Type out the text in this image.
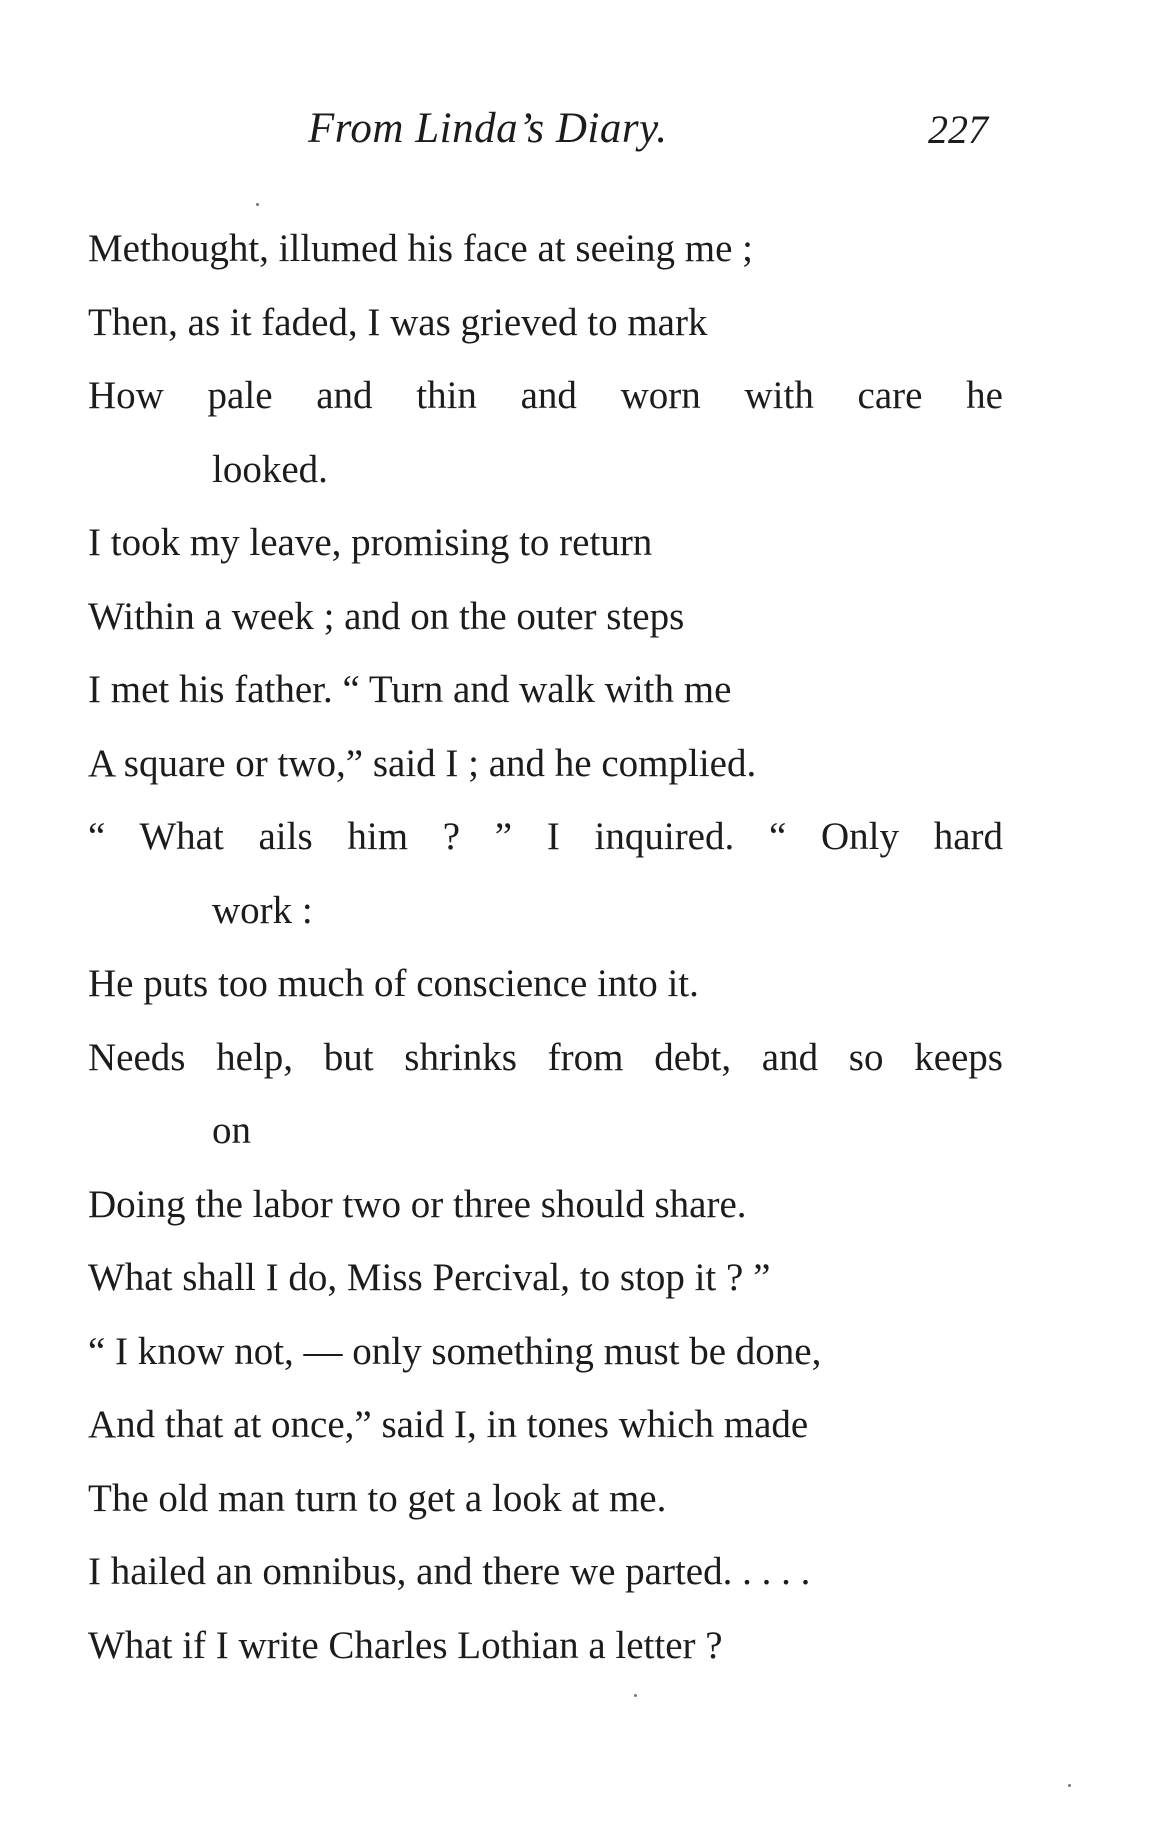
From Linda’s Diary.	227
Methought, illumed his face at seeing me ;
Then, as it faded, I was grieved to mark
How pale and thin and worn with care he
looked.
I took my leave, promising to return
Within a week ; and on the outer steps
I met his father. “ Turn and walk with me
A square or two,” said I ; and he complied.
“ What ails him ? ” I inquired. “ Only hard
work :
He puts too much of conscience into it.
Needs help, but shrinks from debt, and so keeps
on
Doing the labor two or three should share.
What shall I do, Miss Percival, to stop it ? ”
“ I know not, — only something must be done,
And that at once,” said I, in tones which made
The old man turn to get a look at me.
I hailed an omnibus, and there we parted. . . . .
What if I write Charles Lothian a letter ?
